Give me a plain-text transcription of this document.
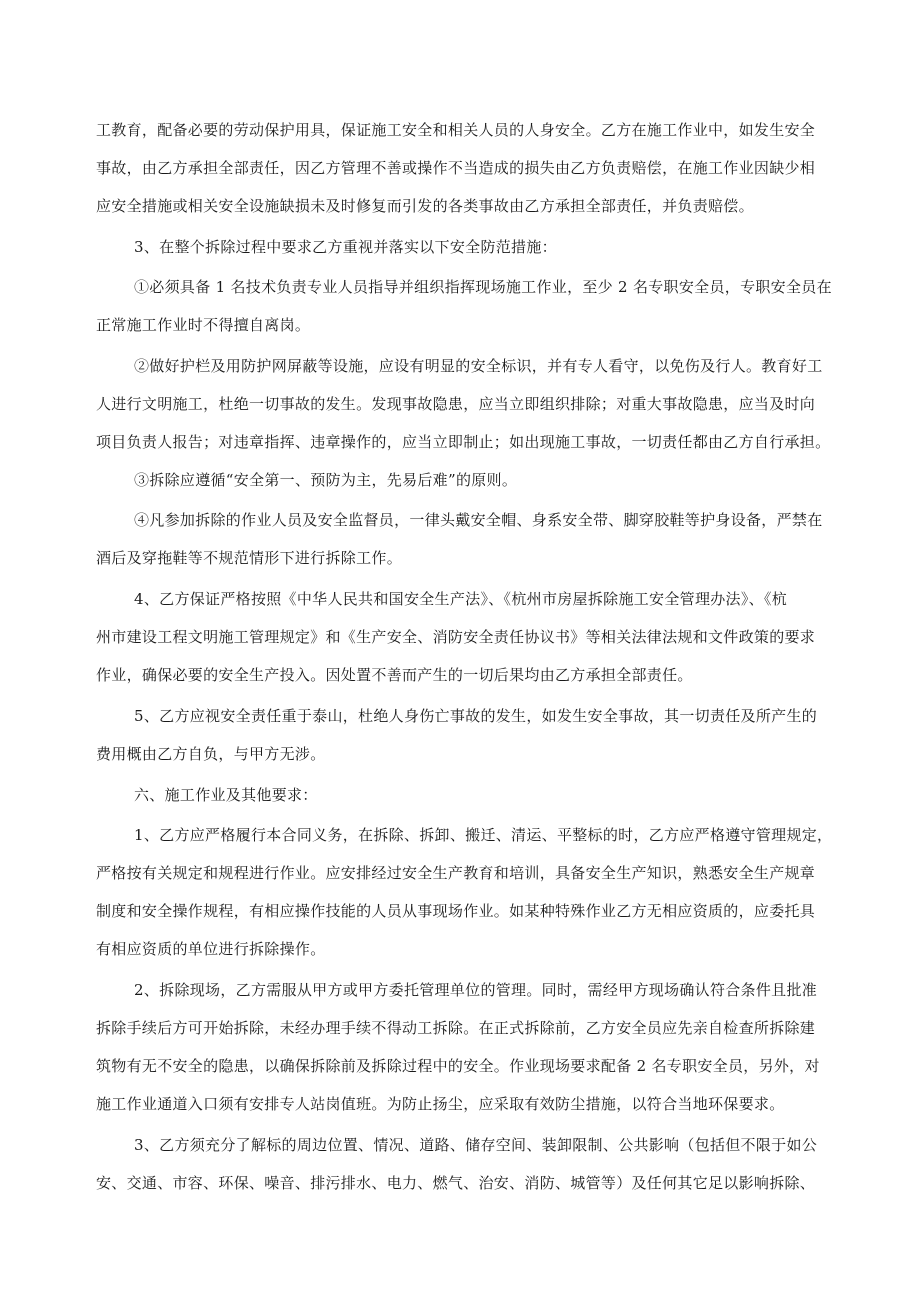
工教育，配备必要的劳动保护用具，保证施工安全和相关人员的人身安全。乙方在施工作业中，如发生安全
事故，由乙方承担全部责任，因乙方管理不善或操作不当造成的损失由乙方负责赔偿，在施工作业因缺少相
应安全措施或相关安全设施缺损未及时修复而引发的各类事故由乙方承担全部责任，并负责赔偿。
3、在整个拆除过程中要求乙方重视并落实以下安全防范措施：
①必须具备 1 名技术负责专业人员指导并组织指挥现场施工作业，至少 2 名专职安全员，专职安全员在
正常施工作业时不得擅自离岗。
②做好护栏及用防护网屏蔽等设施，应设有明显的安全标识，并有专人看守，以免伤及行人。教育好工
人进行文明施工，杜绝一切事故的发生。发现事故隐患，应当立即组织排除；对重大事故隐患，应当及时向
项目负责人报告；对违章指挥、违章操作的，应当立即制止；如出现施工事故，一切责任都由乙方自行承担。
③拆除应遵循“安全第一、预防为主，先易后难”的原则。
④凡参加拆除的作业人员及安全监督员，一律头戴安全帽、身系安全带、脚穿胶鞋等护身设备，严禁在
酒后及穿拖鞋等不规范情形下进行拆除工作。
4、乙方保证严格按照《中华人民共和国安全生产法》、《杭州市房屋拆除施工安全管理办法》、《杭
州市建设工程文明施工管理规定》和《生产安全、消防安全责任协议书》等相关法律法规和文件政策的要求
作业，确保必要的安全生产投入。因处置不善而产生的一切后果均由乙方承担全部责任。
5、乙方应视安全责任重于泰山，杜绝人身伤亡事故的发生，如发生安全事故，其一切责任及所产生的
费用概由乙方自负，与甲方无涉。
六、施工作业及其他要求：
1、乙方应严格履行本合同义务，在拆除、拆卸、搬迁、清运、平整标的时，乙方应严格遵守管理规定，
严格按有关规定和规程进行作业。应安排经过安全生产教育和培训，具备安全生产知识，熟悉安全生产规章
制度和安全操作规程，有相应操作技能的人员从事现场作业。如某种特殊作业乙方无相应资质的，应委托具
有相应资质的单位进行拆除操作。
2、拆除现场，乙方需服从甲方或甲方委托管理单位的管理。同时，需经甲方现场确认符合条件且批准
拆除手续后方可开始拆除，未经办理手续不得动工拆除。在正式拆除前，乙方安全员应先亲自检查所拆除建
筑物有无不安全的隐患，以确保拆除前及拆除过程中的安全。作业现场要求配备 2 名专职安全员，另外，对
施工作业通道入口须有安排专人站岗值班。为防止扬尘，应采取有效防尘措施，以符合当地环保要求。
3、乙方须充分了解标的周边位置、情况、道路、储存空间、装卸限制、公共影响（包括但不限于如公
安、交通、市容、环保、噪音、排污排水、电力、燃气、治安、消防、城管等）及任何其它足以影响拆除、
